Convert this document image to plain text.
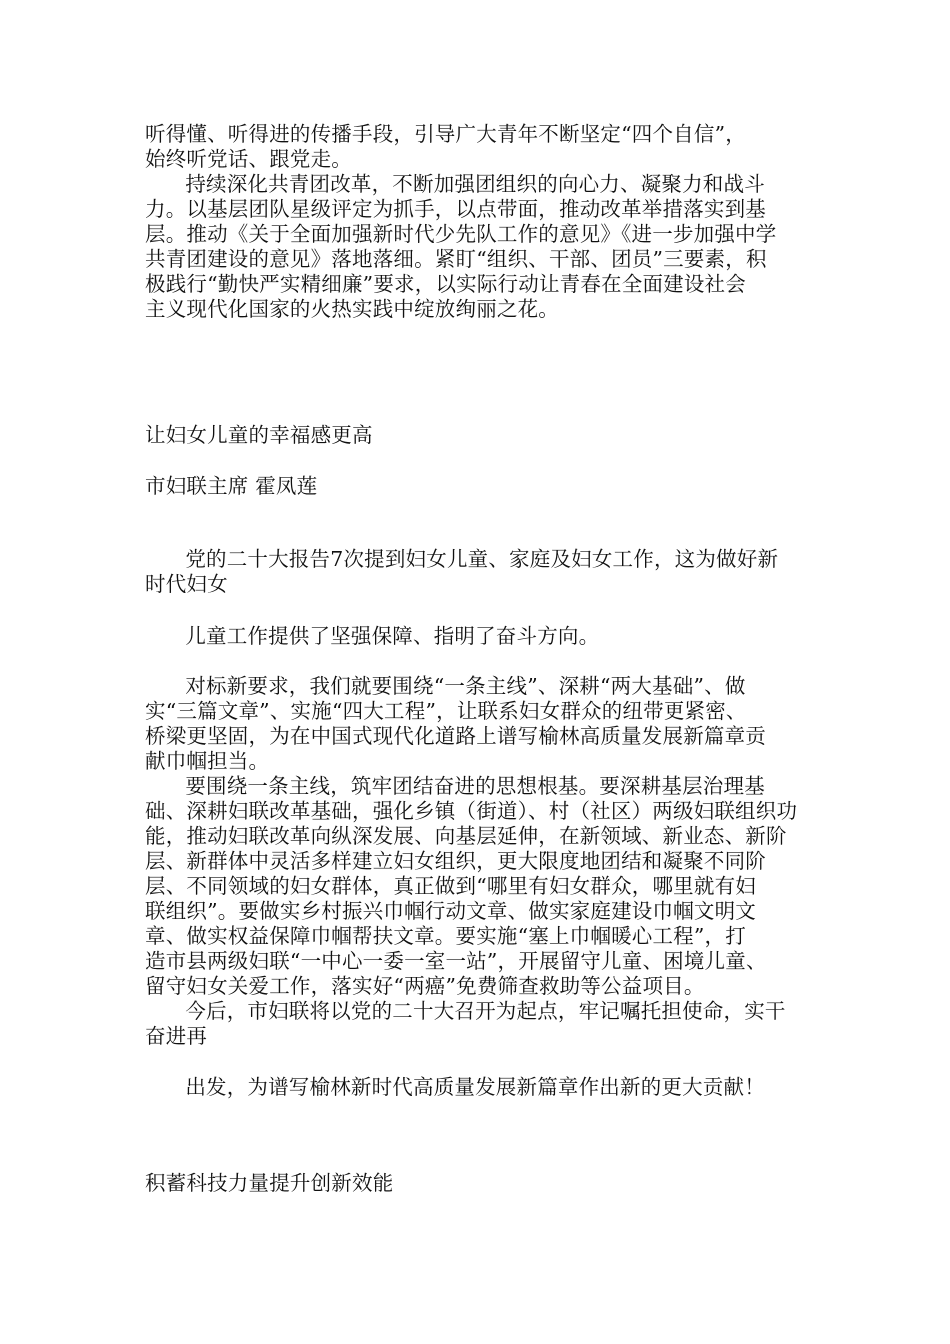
听得懂、听得进的传播手段，引导广大青年不断坚定“四个自信”，
始终听党话、跟党走。

持续深化共青团改革，不断加强团组织的向心力、凝聚力和战斗
力。以基层团队星级评定为抓手，以点带面，推动改革举措落实到基
层。推动《关于全面加强新时代少先队工作的意见》《进一步加强中学
共青团建设的意见》落地落细。紧盯“组织、干部、团员”三要素，积
极践行“勤快严实精细廉”要求，以实际行动让青春在全面建设社会
主义现代化国家的火热实践中绽放绚丽之花。

让妇女儿童的幸福感更高

市妇联主席 霍凤莲

党的二十大报告7次提到妇女儿童、家庭及妇女工作，这为做好新
时代妇女

儿童工作提供了坚强保障、指明了奋斗方向。

对标新要求，我们就要围绕“一条主线”、深耕“两大基础”、做
实“三篇文章”、实施“四大工程”，让联系妇女群众的纽带更紧密、
桥梁更坚固，为在中国式现代化道路上谱写榆林高质量发展新篇章贡
献巾帼担当。

要围绕一条主线，筑牢团结奋进的思想根基。要深耕基层治理基
础、深耕妇联改革基础，强化乡镇（街道）、村（社区）两级妇联组织功
能，推动妇联改革向纵深发展、向基层延伸，在新领域、新业态、新阶
层、新群体中灵活多样建立妇女组织，更大限度地团结和凝聚不同阶
层、不同领域的妇女群体，真正做到“哪里有妇女群众，哪里就有妇
联组织”。要做实乡村振兴巾帼行动文章、做实家庭建设巾帼文明文
章、做实权益保障巾帼帮扶文章。要实施“塞上巾帼暖心工程”，打
造市县两级妇联“一中心一委一室一站”，开展留守儿童、困境儿童、
留守妇女关爱工作，落实好“两癌”免费筛查救助等公益项目。

今后，市妇联将以党的二十大召开为起点，牢记嘱托担使命，实干
奋进再

出发，为谱写榆林新时代高质量发展新篇章作出新的更大贡献！

积蓄科技力量提升创新效能
